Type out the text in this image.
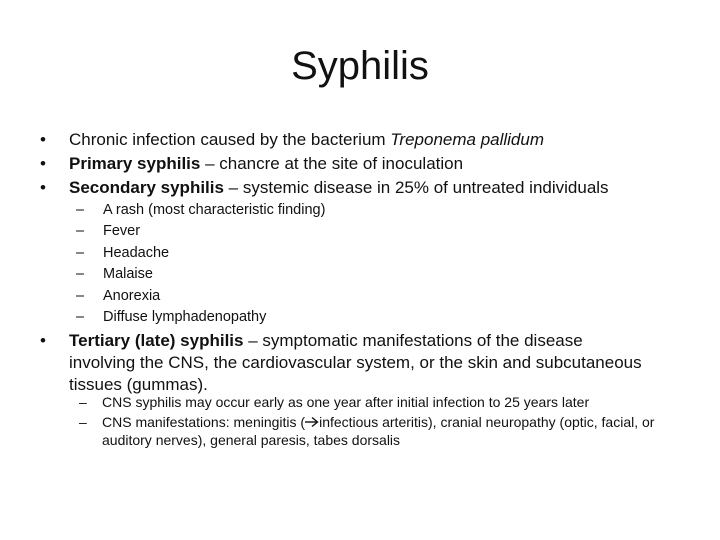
Syphilis
• Chronic infection caused by the bacterium Treponema pallidum
• Primary syphilis – chancre at the site of inoculation
• Secondary syphilis – systemic disease in 25% of untreated individuals
– A rash (most characteristic finding)
– Fever
– Headache
– Malaise
– Anorexia
– Diffuse lymphadenopathy
• Tertiary (late) syphilis – symptomatic manifestations of the disease involving the CNS, the cardiovascular system, or the skin and subcutaneous tissues (gummas).
– CNS syphilis may occur early as one year after initial infection to 25 years later
– CNS manifestations: meningitis ( infectious arteritis), cranial neuropathy (optic, facial, or auditory nerves), general paresis, tabes dorsalis
